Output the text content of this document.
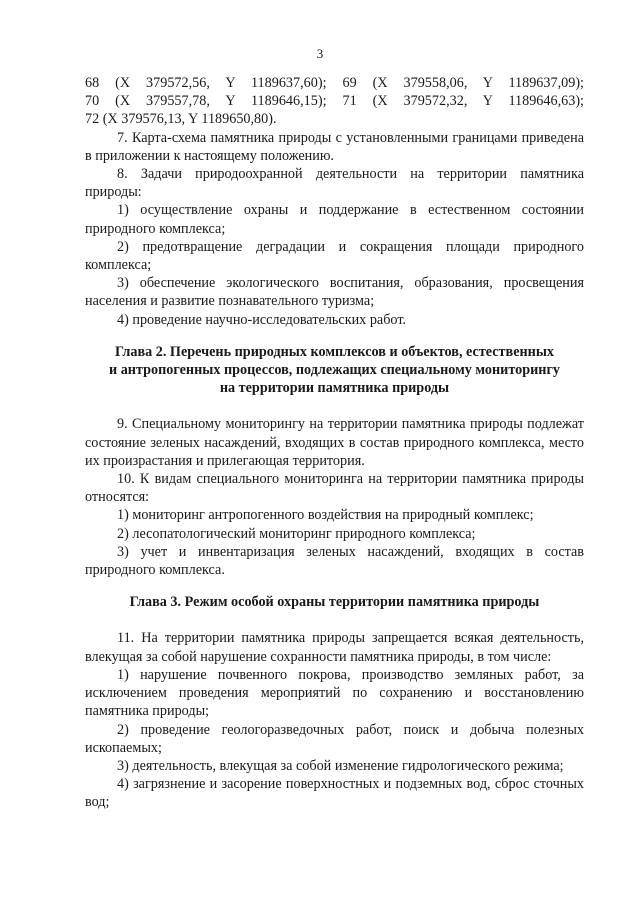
3

68 (X 379572,56, Y 1189637,60); 69 (X 379558,06, Y 1189637,09);
70 (X 379557,78, Y 1189646,15); 71 (X 379572,32, Y 1189646,63);
72 (X 379576,13, Y 1189650,80).

7. Карта-схема памятника природы с установленными границами приведена в приложении к настоящему положению.

8. Задачи природоохранной деятельности на территории памятника природы:

1) осуществление охраны и поддержание в естественном состоянии природного комплекса;

2) предотвращение деградации и сокращения площади природного комплекса;

3) обеспечение экологического воспитания, образования, просвещения населения и развитие познавательного туризма;

4) проведение научно-исследовательских работ.

Глава 2. Перечень природных комплексов и объектов, естественных
и антропогенных процессов, подлежащих специальному мониторингу
на территории памятника природы

9. Специальному мониторингу на территории памятника природы подлежат состояние зеленых насаждений, входящих в состав природного комплекса, место их произрастания и прилегающая территория.

10. К видам специального мониторинга на территории памятника природы относятся:

1) мониторинг антропогенного воздействия на природный комплекс;

2) лесопатологический мониторинг природного комплекса;

3) учет и инвентаризация зеленых насаждений, входящих в состав природного комплекса.

Глава 3. Режим особой охраны территории памятника природы

11. На территории памятника природы запрещается всякая деятельность, влекущая за собой нарушение сохранности памятника природы, в том числе:

1) нарушение почвенного покрова, производство земляных работ, за исключением проведения мероприятий по сохранению и восстановлению памятника природы;

2) проведение геологоразведочных работ, поиск и добыча полезных ископаемых;

3) деятельность, влекущая за собой изменение гидрологического режима;

4) загрязнение и засорение поверхностных и подземных вод, сброс сточных вод;
